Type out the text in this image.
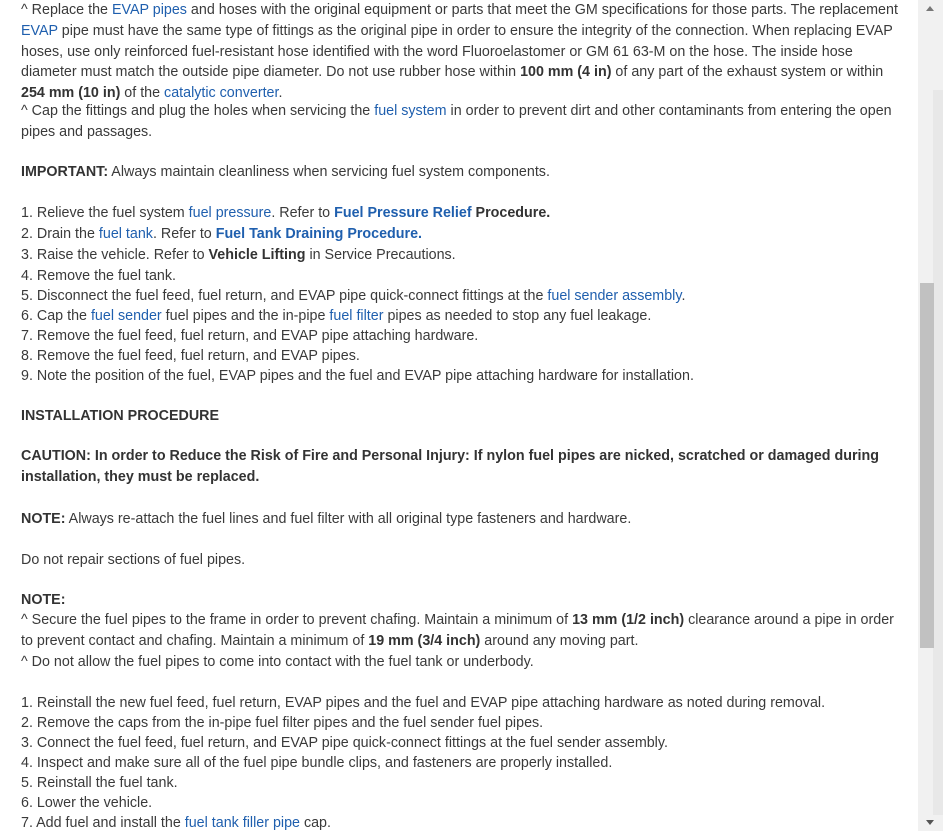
^ Replace the EVAP pipes and hoses with the original equipment or parts that meet the GM specifications for those parts. The replacement EVAP pipe must have the same type of fittings as the original pipe in order to ensure the integrity of the connection. When replacing EVAP hoses, use only reinforced fuel-resistant hose identified with the word Fluoroelastomer or GM 61 63-M on the hose. The inside hose diameter must match the outside pipe diameter. Do not use rubber hose within 100 mm (4 in) of any part of the exhaust system or within 254 mm (10 in) of the catalytic converter.
^ Cap the fittings and plug the holes when servicing the fuel system in order to prevent dirt and other contaminants from entering the open pipes and passages.
IMPORTANT: Always maintain cleanliness when servicing fuel system components.
1. Relieve the fuel system fuel pressure. Refer to Fuel Pressure Relief Procedure.
2. Drain the fuel tank. Refer to Fuel Tank Draining Procedure.
3. Raise the vehicle. Refer to Vehicle Lifting in Service Precautions.
4. Remove the fuel tank.
5. Disconnect the fuel feed, fuel return, and EVAP pipe quick-connect fittings at the fuel sender assembly.
6. Cap the fuel sender fuel pipes and the in-pipe fuel filter pipes as needed to stop any fuel leakage.
7. Remove the fuel feed, fuel return, and EVAP pipe attaching hardware.
8. Remove the fuel feed, fuel return, and EVAP pipes.
9. Note the position of the fuel, EVAP pipes and the fuel and EVAP pipe attaching hardware for installation.
INSTALLATION PROCEDURE
CAUTION: In order to Reduce the Risk of Fire and Personal Injury: If nylon fuel pipes are nicked, scratched or damaged during installation, they must be replaced.
NOTE: Always re-attach the fuel lines and fuel filter with all original type fasteners and hardware.
Do not repair sections of fuel pipes.
NOTE:
^ Secure the fuel pipes to the frame in order to prevent chafing. Maintain a minimum of 13 mm (1/2 inch) clearance around a pipe in order to prevent contact and chafing. Maintain a minimum of 19 mm (3/4 inch) around any moving part.
^ Do not allow the fuel pipes to come into contact with the fuel tank or underbody.
1. Reinstall the new fuel feed, fuel return, EVAP pipes and the fuel and EVAP pipe attaching hardware as noted during removal.
2. Remove the caps from the in-pipe fuel filter pipes and the fuel sender fuel pipes.
3. Connect the fuel feed, fuel return, and EVAP pipe quick-connect fittings at the fuel sender assembly.
4. Inspect and make sure all of the fuel pipe bundle clips, and fasteners are properly installed.
5. Reinstall the fuel tank.
6. Lower the vehicle.
7. Add fuel and install the fuel tank filler pipe cap.
